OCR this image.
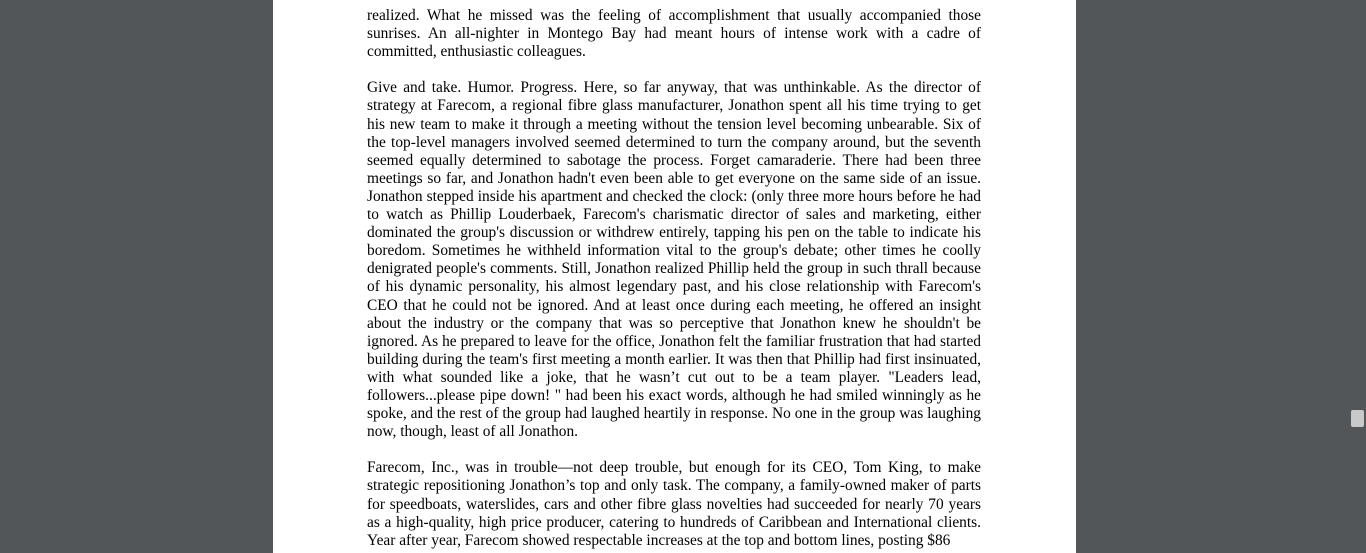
realized. What he missed was the feeling of accomplishment that usually accompanied those sunrises. An all-nighter in Montego Bay had meant hours of intense work with a cadre of committed, enthusiastic colleagues.

Give and take. Humor. Progress. Here, so far anyway, that was unthinkable. As the director of strategy at Farecom, a regional fibre glass manufacturer, Jonathon spent all his time trying to get his new team to make it through a meeting without the tension level becoming unbearable. Six of the top-level managers involved seemed determined to turn the company around, but the seventh seemed equally determined to sabotage the process. Forget camaraderie. There had been three meetings so far, and Jonathon hadn't even been able to get everyone on the same side of an issue. Jonathon stepped inside his apartment and checked the clock: (only three more hours before he had to watch as Phillip Louderbaek, Farecom's charismatic director of sales and marketing, either dominated the group's discussion or withdrew entirely, tapping his pen on the table to indicate his boredom. Sometimes he withheld information vital to the group's debate; other times he coolly denigrated people's comments. Still, Jonathon realized Phillip held the group in such thrall because of his dynamic personality, his almost legendary past, and his close relationship with Farecom's CEO that he could not be ignored. And at least once during each meeting, he offered an insight about the industry or the company that was so perceptive that Jonathon knew he shouldn't be ignored. As he prepared to leave for the office, Jonathon felt the familiar frustration that had started building during the team's first meeting a month earlier. It was then that Phillip had first insinuated, with what sounded like a joke, that he wasn’t cut out to be a team player. "Leaders lead, followers...please pipe down! " had been his exact words, although he had smiled winningly as he spoke, and the rest of the group had laughed heartily in response. No one in the group was laughing now, though, least of all Jonathon.

Farecom, Inc., was in trouble—not deep trouble, but enough for its CEO, Tom King, to make strategic repositioning Jonathon’s top and only task. The company, a family-owned maker of parts for speedboats, waterslides, cars and other fibre glass novelties had succeeded for nearly 70 years as a high-quality, high price producer, catering to hundreds of Caribbean and International clients. Year after year, Farecom showed respectable increases at the top and bottom lines, posting $86
